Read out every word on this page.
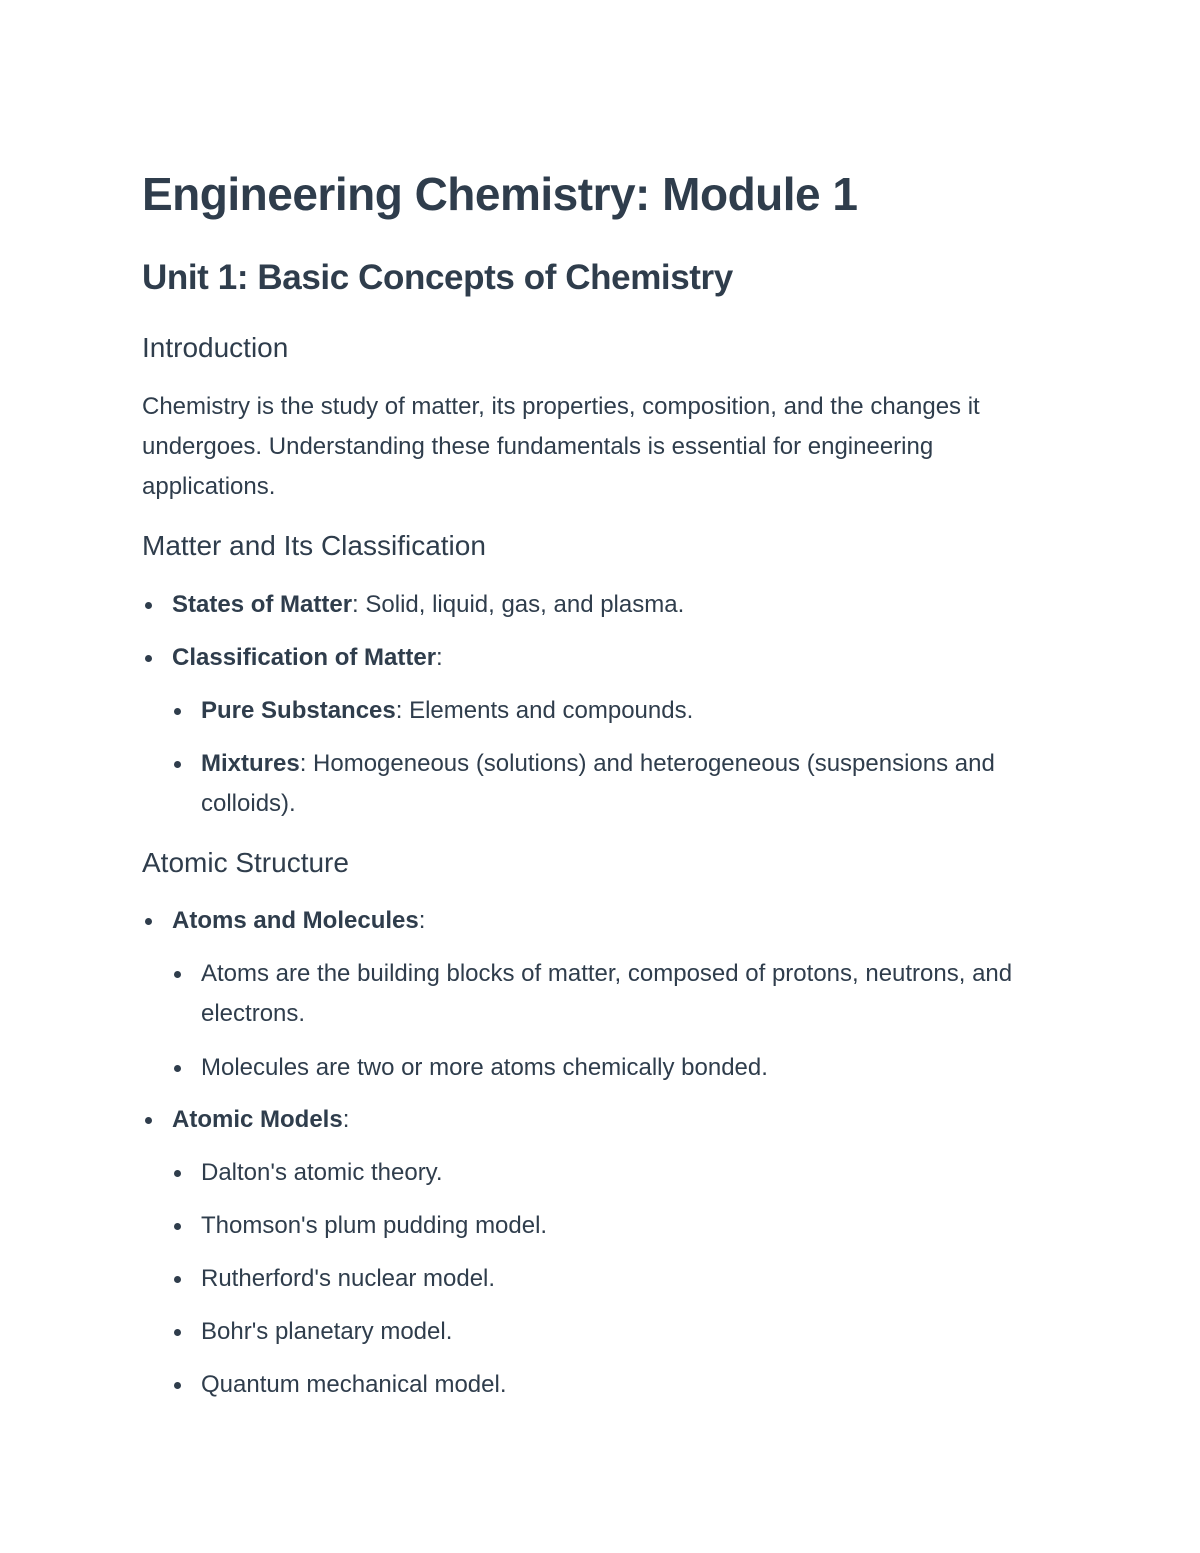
Engineering Chemistry: Module 1
Unit 1: Basic Concepts of Chemistry
Introduction

Chemistry is the study of matter, its properties, composition, and the changes it undergoes. Understanding these fundamentals is essential for engineering applications.

Matter and Its Classification
States of Matter: Solid, liquid, gas, and plasma.
Classification of Matter:
Pure Substances: Elements and compounds.
Mixtures: Homogeneous (solutions) and heterogeneous (suspensions and colloids).
Atomic Structure
Atoms and Molecules:
Atoms are the building blocks of matter, composed of protons, neutrons, and electrons.
Molecules are two or more atoms chemically bonded.
Atomic Models:
Dalton's atomic theory.
Thomson's plum pudding model.
Rutherford's nuclear model.
Bohr's planetary model.
Quantum mechanical model.
